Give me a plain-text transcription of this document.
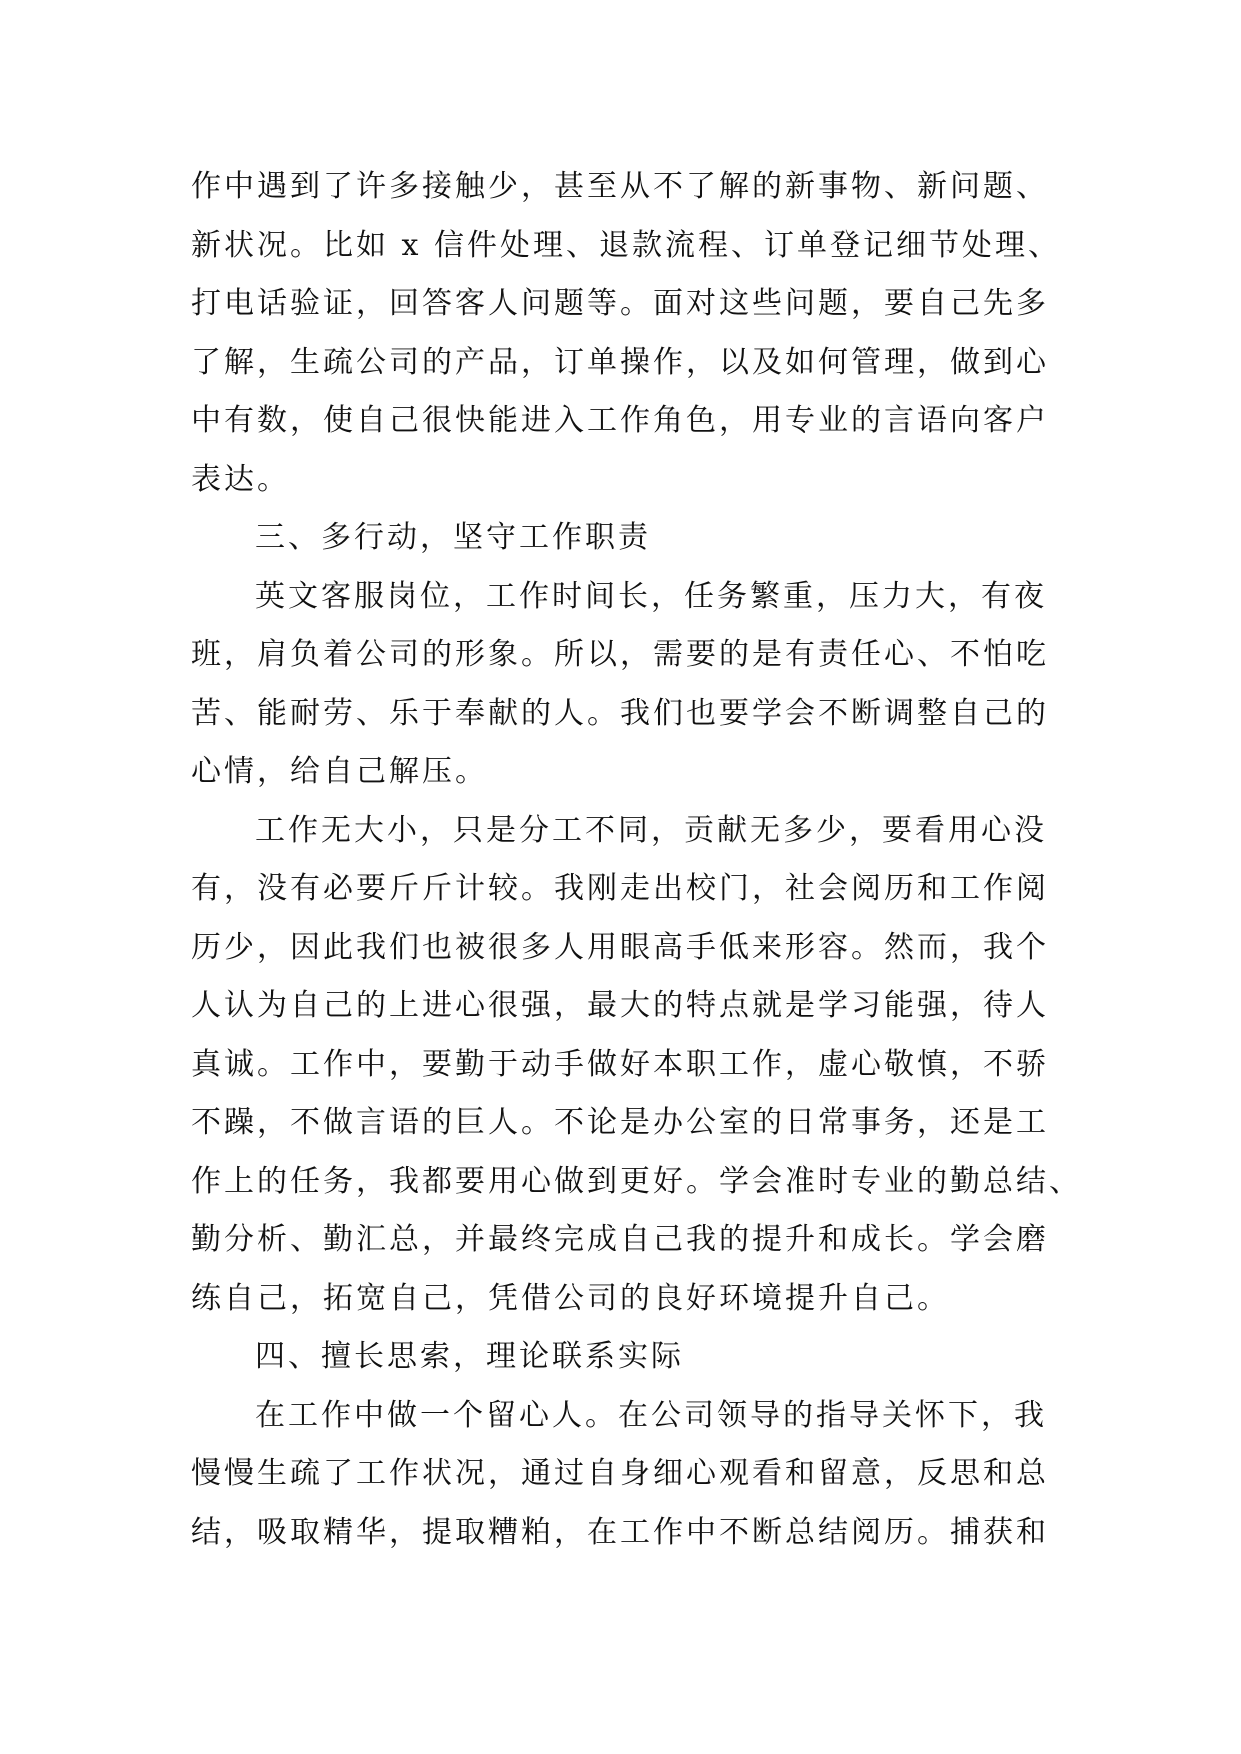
作中遇到了许多接触少，甚至从不了解的新事物、新问题、
新状况。比如 x 信件处理、退款流程、订单登记细节处理、
打电话验证，回答客人问题等。面对这些问题，要自己先多
了解，生疏公司的产品，订单操作，以及如何管理，做到心
中有数，使自己很快能进入工作角色，用专业的言语向客户
表达。
三、多行动，坚守工作职责
英文客服岗位，工作时间长，任务繁重，压力大，有夜
班，肩负着公司的形象。所以，需要的是有责任心、不怕吃
苦、能耐劳、乐于奉献的人。我们也要学会不断调整自己的
心情，给自己解压。
工作无大小，只是分工不同，贡献无多少，要看用心没
有，没有必要斤斤计较。我刚走出校门，社会阅历和工作阅
历少，因此我们也被很多人用眼高手低来形容。然而，我个
人认为自己的上进心很强，最大的特点就是学习能强，待人
真诚。工作中，要勤于动手做好本职工作，虚心敬慎，不骄
不躁，不做言语的巨人。不论是办公室的日常事务，还是工
作上的任务，我都要用心做到更好。学会准时专业的勤总结、
勤分析、勤汇总，并最终完成自己我的提升和成长。学会磨
练自己，拓宽自己，凭借公司的良好环境提升自己。
四、擅长思索，理论联系实际
在工作中做一个留心人。在公司领导的指导关怀下，我
慢慢生疏了工作状况，通过自身细心观看和留意，反思和总
结，吸取精华，提取糟粕，在工作中不断总结阅历。捕获和
